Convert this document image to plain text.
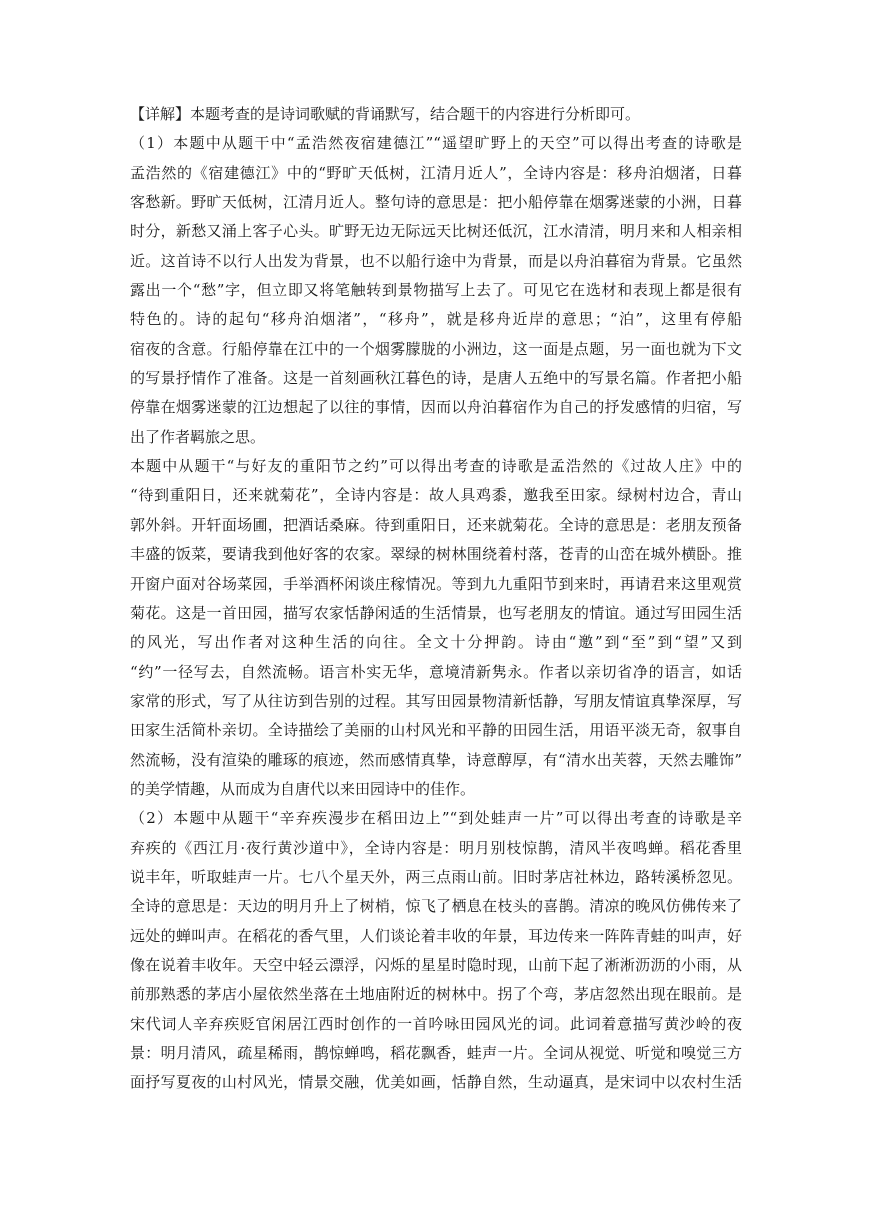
【详解】本题考查的是诗词歌赋的背诵默写，结合题干的内容进行分析即可。
（1）本题中从题干中“孟浩然夜宿建德江”“遥望旷野上的天空”可以得出考查的诗歌是
孟浩然的《宿建德江》中的“野旷天低树，江清月近人”，全诗内容是：移舟泊烟渚，日暮
客愁新。野旷天低树，江清月近人。整句诗的意思是：把小船停靠在烟雾迷蒙的小洲，日暮
时分，新愁又涌上客子心头。旷野无边无际远天比树还低沉，江水清清，明月来和人相亲相
近。这首诗不以行人出发为背景，也不以船行途中为背景，而是以舟泊暮宿为背景。它虽然
露出一个“愁”字，但立即又将笔触转到景物描写上去了。可见它在选材和表现上都是很有
特色的。诗的起句“移舟泊烟渚”，“移舟”，就是移舟近岸的意思；“泊”，这里有停船
宿夜的含意。行船停靠在江中的一个烟雾朦胧的小洲边，这一面是点题，另一面也就为下文
的写景抒情作了准备。这是一首刻画秋江暮色的诗，是唐人五绝中的写景名篇。作者把小船
停靠在烟雾迷蒙的江边想起了以往的事情，因而以舟泊暮宿作为自己的抒发感情的归宿，写
出了作者羁旅之思。
本题中从题干“与好友的重阳节之约”可以得出考查的诗歌是孟浩然的《过故人庄》中的
“待到重阳日，还来就菊花”，全诗内容是：故人具鸡黍，邀我至田家。绿树村边合，青山
郭外斜。开轩面场圃，把酒话桑麻。待到重阳日，还来就菊花。全诗的意思是：老朋友预备
丰盛的饭菜，要请我到他好客的农家。翠绿的树林围绕着村落，苍青的山峦在城外横卧。推
开窗户面对谷场菜园，手举酒杯闲谈庄稼情况。等到九九重阳节到来时，再请君来这里观赏
菊花。这是一首田园，描写农家恬静闲适的生活情景，也写老朋友的情谊。通过写田园生活
的风光，写出作者对这种生活的向往。全文十分押韵。诗由“邀”到“至”到“望”又到
“约”一径写去，自然流畅。语言朴实无华，意境清新隽永。作者以亲切省净的语言，如话
家常的形式，写了从往访到告别的过程。其写田园景物清新恬静，写朋友情谊真挚深厚，写
田家生活简朴亲切。全诗描绘了美丽的山村风光和平静的田园生活，用语平淡无奇，叙事自
然流畅，没有渲染的雕琢的痕迹，然而感情真挚，诗意醇厚，有“清水出芙蓉，天然去雕饰”
的美学情趣，从而成为自唐代以来田园诗中的佳作。
（2）本题中从题干“辛弃疾漫步在稻田边上”“到处蛙声一片”可以得出考查的诗歌是辛
弃疾的《西江月·夜行黄沙道中》，全诗内容是：明月别枝惊鹊，清风半夜鸣蝉。稻花香里
说丰年，听取蛙声一片。七八个星天外，两三点雨山前。旧时茅店社林边，路转溪桥忽见。
全诗的意思是：天边的明月升上了树梢，惊飞了栖息在枝头的喜鹊。清凉的晚风仿佛传来了
远处的蝉叫声。在稻花的香气里，人们谈论着丰收的年景，耳边传来一阵阵青蛙的叫声，好
像在说着丰收年。天空中轻云漂浮，闪烁的星星时隐时现，山前下起了淅淅沥沥的小雨，从
前那熟悉的茅店小屋依然坐落在土地庙附近的树林中。拐了个弯，茅店忽然出现在眼前。是
宋代词人辛弃疾贬官闲居江西时创作的一首吟咏田园风光的词。此词着意描写黄沙岭的夜
景：明月清风，疏星稀雨，鹊惊蝉鸣，稻花飘香，蛙声一片。全词从视觉、听觉和嗅觉三方
面抒写夏夜的山村风光，情景交融，优美如画，恬静自然，生动逼真，是宋词中以农村生活
